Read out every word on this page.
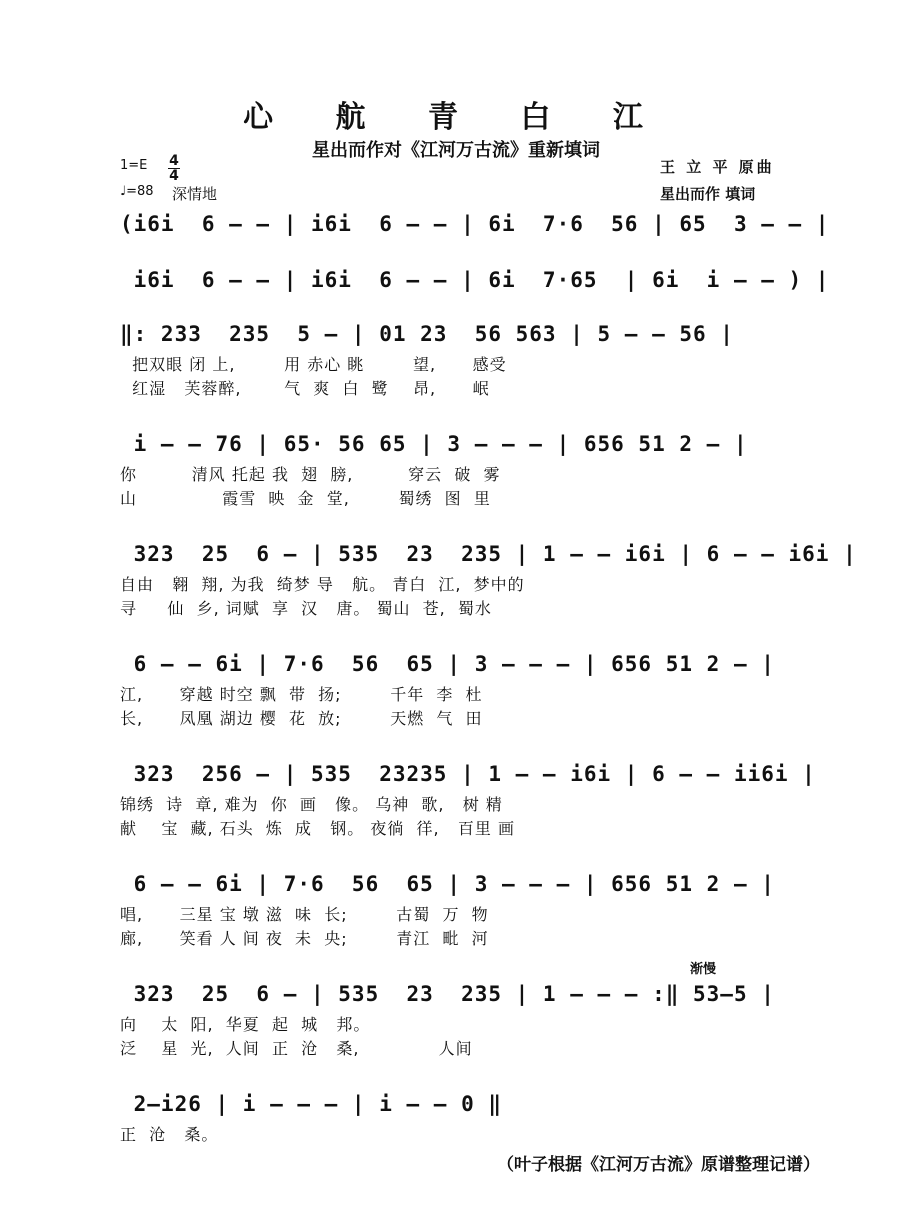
心 航 青 白 江
星出而作对《江河万古流》重新填词
1=E 4
4
♩=88 深情地
王 立 平 原曲
星出而作 填词
(i6i  6 — — | i6i  6 — — | 6i  7·6  56 | 65  3 — — |
i6i  6 — — | i6i  6 — — | 6i  7·65  | 6i  i — — ) |
‖: 233  235  5 — | 01 23  56 563 | 5 — — 56 |
把双眼 闭 上,        用 赤心 眺        望,      感受
红湿   芙蓉醉,       气  爽  白  鹭    昂,      岷
i — — 76 | 65· 56 65 | 3 — — — | 656 51 2 — |
你         清风 托起 我  翅  膀,         穿云  破  雾
山              霞雪  映  金  堂,        蜀绣  图  里
323  25  6 — | 535  23  235 | 1 — — i6i | 6 — — i6i |
自由   翱  翔, 为我  绮梦 导   航。 青白  江,  梦中的
寻     仙  乡, 词赋  享  汉   唐。 蜀山  苍,  蜀水
6 — — 6i | 7·6  56  65 | 3 — — — | 656 51 2 — |
江,      穿越 时空 飘  带  扬;        千年  李  杜
长,      凤凰 湖边 樱  花  放;        天燃  气  田
323  256 — | 535  23235 | 1 — — i6i | 6 — — ii6i |
锦绣  诗  章, 难为  你  画   像。 乌神  歌,   树 精
献    宝  藏, 石头  炼  成   钢。 夜徜  徉,   百里 画
6 — — 6i | 7·6  56  65 | 3 — — — | 656 51 2 — |
唱,      三星 宝 墩 滋  味  长;        古蜀  万  物
廊,      笑看 人 间 夜  未  央;        青江  毗  河
323  25  6 — | 535  23  235 | 1 — — — :‖ 53—5 |
向    太  阳,  华夏  起  城   邦。
泛    星  光,  人间  正  沧   桑,             人间
2—i26 | i — — — | i — — 0 ‖
正  沧   桑。
渐慢
（叶子根据《江河万古流》原谱整理记谱）
